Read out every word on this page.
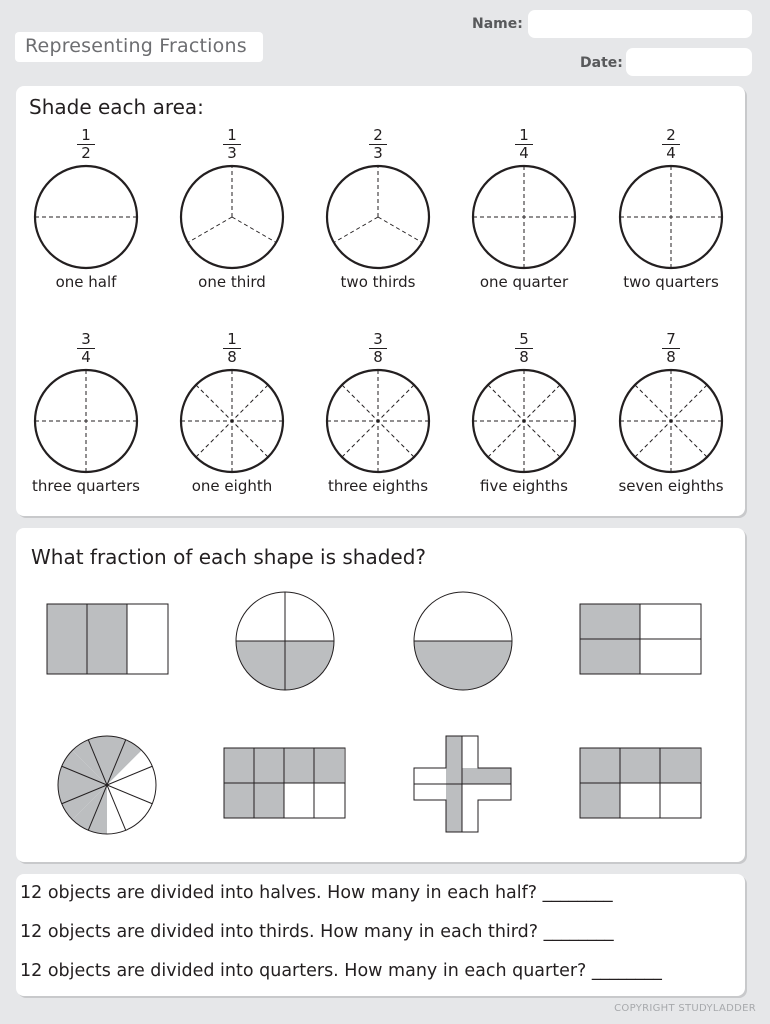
Representing Fractions
Name:
Date:
Shade each area:
$\frac{1}{2}$
one half
$\frac{1}{3}$
one third
$\frac{2}{3}$
two thirds
$\frac{1}{4}$
one quarter
$\frac{2}{4}$
two quarters
$\frac{3}{4}$
three quarters
$\frac{1}{8}$
one eighth
$\frac{3}{8}$
three eighths
$\frac{5}{8}$
five eighths
$\frac{7}{8}$
seven eighths
What fraction of each shape is shaded?
12 objects are divided into halves. How many in each half? ________
12 objects are divided into thirds. How many in each third? ________
12 objects are divided into quarters. How many in each quarter? ________
COPYRIGHT STUDYLADDER
